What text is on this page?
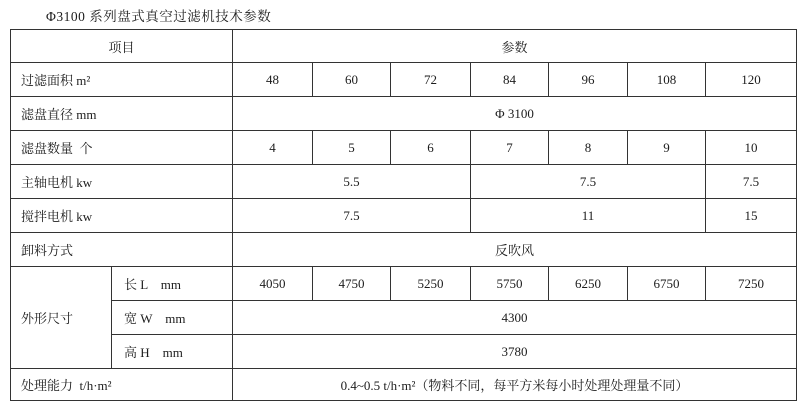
Φ3100 系列盘式真空过滤机技术参数
项目		参数						
过滤面积 m²		48	60	72	84	96	108	120
滤盘直径 mm		Φ 3100						
滤盘数量  个		4	5	6	7	8	9	10
主轴电机 kw		5.5			7.5			7.5
搅拌电机 kw		7.5			11			15
卸料方式		反吹风						
外形尺寸	长 L    mm	4050	4750	5250	5750	6250	6750	7250
	宽 W    mm	4300						
	高 H    mm	3780						
处理能力  t/h·m²		0.4~0.5 t/h·m²（物料不同，每平方米每小时处理处理量不同）						
